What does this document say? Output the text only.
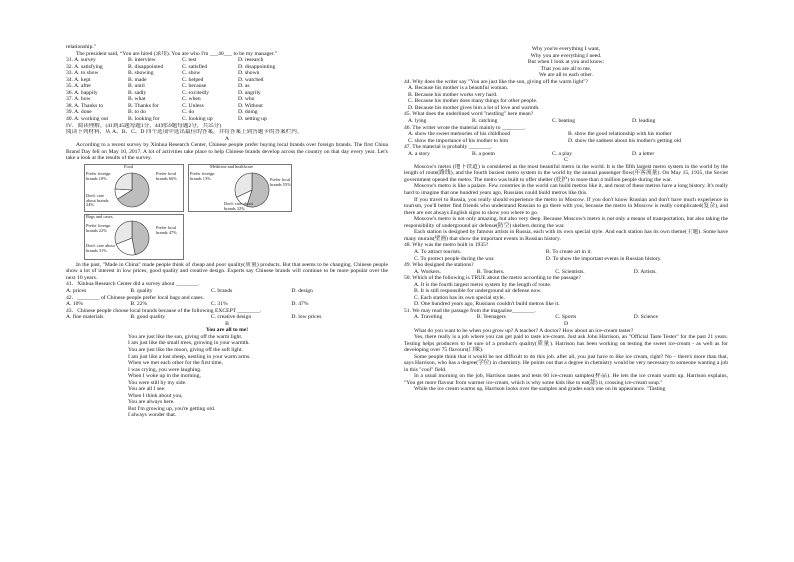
relationship."
The president said, “You are hired (录用). You are who I'm ___40___ to be my manager.”
31. A. survey	B. interview	C. test	D. research
32. A. satisfying	B. disappointed	C. satisfied	D. disappointing
33. A. to show	B. showing	C. show	D. shown
34. A. kept	B. made	C. helped	D. watched
35. A. after	B. until	C. because	D. as
36. A. happily	B. sadly	C. excitedly	D. angrily
37. A. how	B. what	C. when	D. who
38. A. Thanks to	B. Thanks for	C. Unless	D. Without
39. A. done	B. to do	C. do	D. doing
40. A. working out	B. looking for	C. looking up	D. setting up
IV．阅读理解。(41到45题每题1分，44到59题每题2分，共35分)
阅读下列材料，从 A、B、C、D 四个选项中选出最佳的答案，并将答案上到答题卡的答案栏内。
A
According to a recent survey by Xinhua Research Center, Chinese people prefer buying local brands over foreign brands. The first China Brand Day fell on May 10, 2017. A lot of activities take place to help Chinese brands develop across the country on that day every year. Let's take a look at the results of the survey.
Food
Prefer local brands 66%
Prefer foreign brands 10%
Don't care about brands 24%
Medicine and healthcare
Prefer local brands 55%
Prefer foreign brands 13%
Don't care about brands 32%
Bags and cases
Prefer local brands 47%
Prefer foreign brands 22%
Don't care about brands 31%
In the past, "Made in China" made people think of cheap and poor quality(质量) products. But that seems to be changing. Chinese people show a lot of interest in low prices, good quality and creative design. Experts say Chinese brands will continue to be more popular over the next 10 years.
41．Xinhua Research Center did a survey about ________.
A. prices	B. quality	C. brands	D. design
42．________ of Chinese people prefer local bags and cases.
A. 10%	B. 22%	C. 31%	D. 47%
43．Chinese people choose local brands because of the following EXCEPT ________.
A. fine materials	B. good quality	C. creative design	D. low prices
B
You are all to me!
You are just like the sun, giving off the warm light.
I am just like the small trees, growing in your warmth.
You are just like the moon, giving off the soft light.
I am just like a lost sheep, nestling in your warm arms.
When we met each other for the first time,
I was crying, you were laughing.
When I woke up in the morning,
You were still by my side.
You are all I see.
When I think about you,
You are always here.
But I'm growing up, you're getting old.
I always wonder that.
Why you're everything I want,
Why you are everything I need.
But when I look at you and know:
That you are all to me,
We are all to each other.
44. Why does the writer say "You are just like the sun, giving off the warm light"?
A. Because his mother is a beautiful woman.
B. Because his mother works very hard.
C. Because his mother does many things for other people.
D. Because his mother gives him a lot of love and warmth.
45. What does the underlined word "nestling" here mean?
A. lying	B. catching	C. beating	D. leading
46. The writer wrote the material mainly to ________.
A. show the sweet memories of his childhood	B. show the good relationship with his mother
C. show the importance of his mother to him	D. show the sadness about his mother's getting old
47. The material is probably ________.
A. a story	B. a poem	C. a play	D. a letter
C
Moscow's metro (地下铁道) is considered as the most beautiful metro in the world. It is the fifth largest metro system in the world by the length of route(路线), and the fourth busiest metro system in the world by the annual passenger flow(年客流量). On May 15, 1935, the Soviet government opened the metro. The metro was built to offer shelter (庇护) to more than 4 million people during the war.
Moscow's metro is like a palace. Few countries in the world can build metros like it, and most of these metros have a long history. It's really hard to imagine that one hundred years ago, Russians could build metros like this.
If you travel to Russia, you really should experience the metro in Moscow. If you don't know Russian and don't have much experience in tourism, you'll better find friends who understand Russian to go there with you, because the metro in Moscow is really complicated(复杂), and there are not always English signs to show you where to go.
Moscow's metro is not only amazing, but also very deep. Because Moscow's metro is not only a means of transportation, but also taking the responsibility of underground air defense(防空) shelters during the war.
Each station is designed by famous artists in Russia, each with its own special style. And each station has its own theme(主题). Some have many murals(壁画) that show the important events in Russian history.
48. Why was the metro built in 1935?
A. To attract tourists.	B. To create art in it.
C. To protect people during the war.	D. To show the important events in Russian history.
49. Who designed the stations?
A. Workers.	B. Teachers.	C. Scientists.	D. Artists.
50. Which of the following is TRUE about the metro according to the passage?
A. It is the fourth largest metro system by the length of route.
B. It is still responsible for underground air defense now.
C. Each station has its own special style.
D. One hundred years ago, Russians couldn't build metros like it.
51. We may read the passage from the magazine________.
A. Traveling	B. Teenagers	C. Sports	D. Science
D
What do you want to be when you grow up? A teacher? A doctor? How about an ice-cream taster?
Yes, there really is a job where you can get paid to taste ice-cream. Just ask John Harrison, an "Official Taste Tester" for the past 21 years. Testing helps producers to be sure of a product's quality(质量). Harrison has been working on testing the sweet ice-cream - as well as for developing over 75 flavours(口味).
Some people think that it would be not difficult to do this job. after all, you just have to like ice cream, right? No – there's more than that, says Harrison, who has a degree(学位) in chemistry. He points out that a degree in chemistry would be very necessary to someone wanting a job in this "cool" field.
In a usual morning on the job, Harrison tastes and tests 60 ice-cream samples(样品). He lets the ice cream warm up. Harrison explains, "You get more flavour from warmer ice-cream, which is why some kids like to eat(舔) it, crossing ice-cream soup."
While the ice cream warms up, Harrison looks over the samples and grades each one on its appearance. "Tasting
